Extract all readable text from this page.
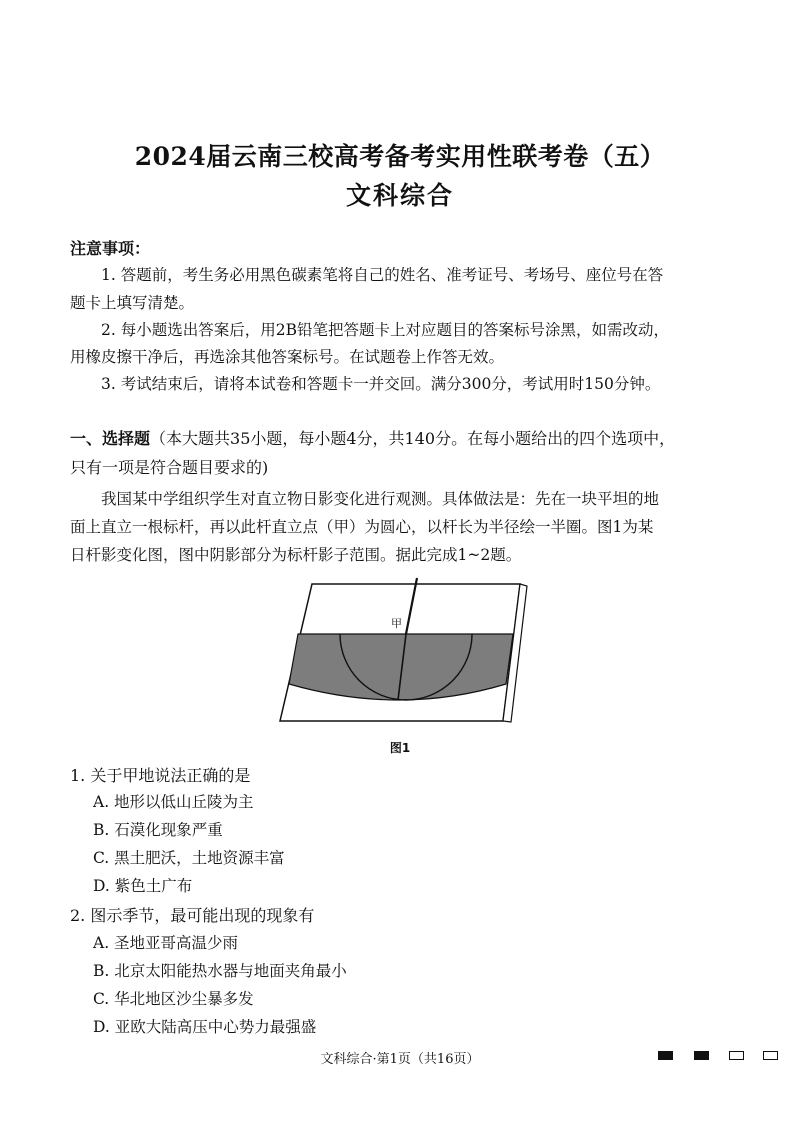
2024届云南三校高考备考实用性联考卷（五）
文科综合
注意事项：
1. 答题前，考生务必用黑色碳素笔将自己的姓名、准考证号、考场号、座位号在答
题卡上填写清楚。
2. 每小题选出答案后，用2B铅笔把答题卡上对应题目的答案标号涂黑，如需改动，
用橡皮擦干净后，再选涂其他答案标号。在试题卷上作答无效。
3. 考试结束后，请将本试卷和答题卡一并交回。满分300分，考试用时150分钟。
一、选择题（本大题共35小题，每小题4分，共140分。在每小题给出的四个选项中，
只有一项是符合题目要求的)
我国某中学组织学生对直立物日影变化进行观测。具体做法是：先在一块平坦的地
面上直立一根标杆，再以此杆直立点（甲）为圆心，以杆长为半径绘一半圈。图1为某
日杆影变化图，图中阴影部分为标杆影子范围。据此完成1~2题。
甲
图1
1. 关于甲地说法正确的是
A. 地形以低山丘陵为主
B. 石漠化现象严重
C. 黑土肥沃，土地资源丰富
D. 紫色土广布
2. 图示季节，最可能出现的现象有
A. 圣地亚哥高温少雨
B. 北京太阳能热水器与地面夹角最小
C. 华北地区沙尘暴多发
D. 亚欧大陆高压中心势力最强盛
文科综合·第1页（共16页）
